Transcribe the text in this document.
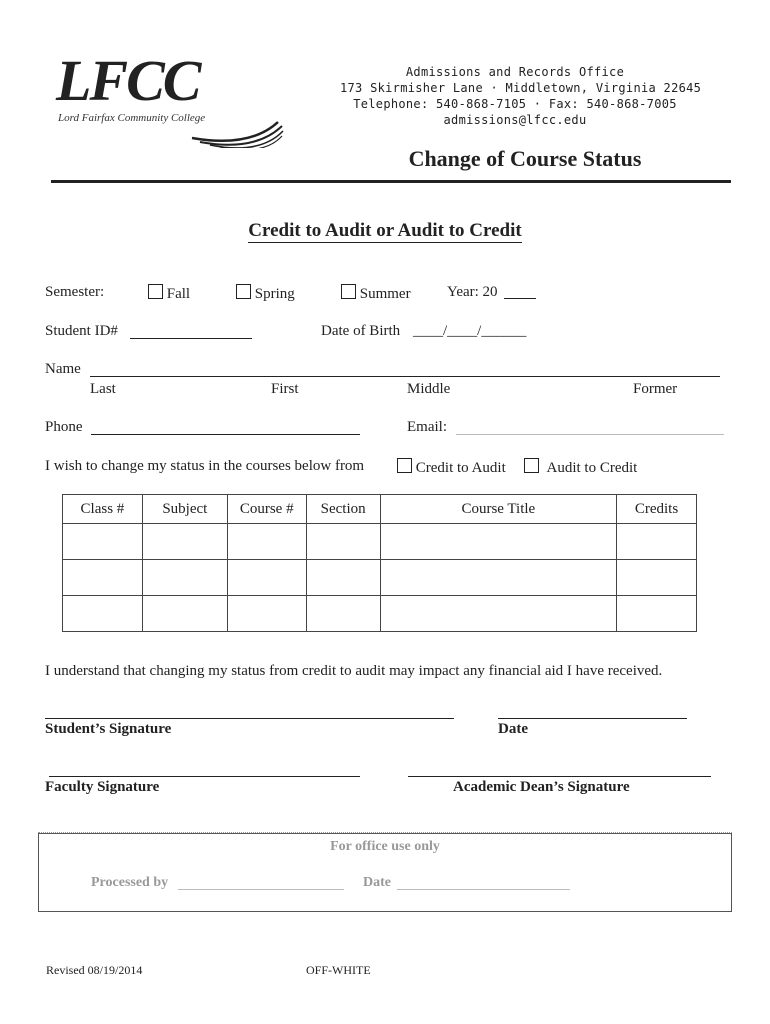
LFCC
Lord Fairfax Community College
Admissions and Records Office
173 Skirmisher Lane · Middletown, Virginia 22645
Telephone: 540-868-7105 · Fax: 540-868-7005
admissions@lfcc.edu
Change of Course Status
Credit to Audit or Audit to Credit
Semester:	Fall	Spring	Summer Year: 20
Student ID#	Date of Birth ____/____/______
Name
Last	First	Middle	Former
Phone	Email:
I wish to change my status in the courses below from	Credit to Audit	Audit to Credit
Class #	Subject	Course #	Section	Course Title	Credits

I understand that changing my status from credit to audit may impact any financial aid I have received.
Student’s Signature	Date
Faculty Signature	Academic Dean’s Signature
For office use only
Processed by	Date
Revised 08/19/2014	OFF-WHITE
